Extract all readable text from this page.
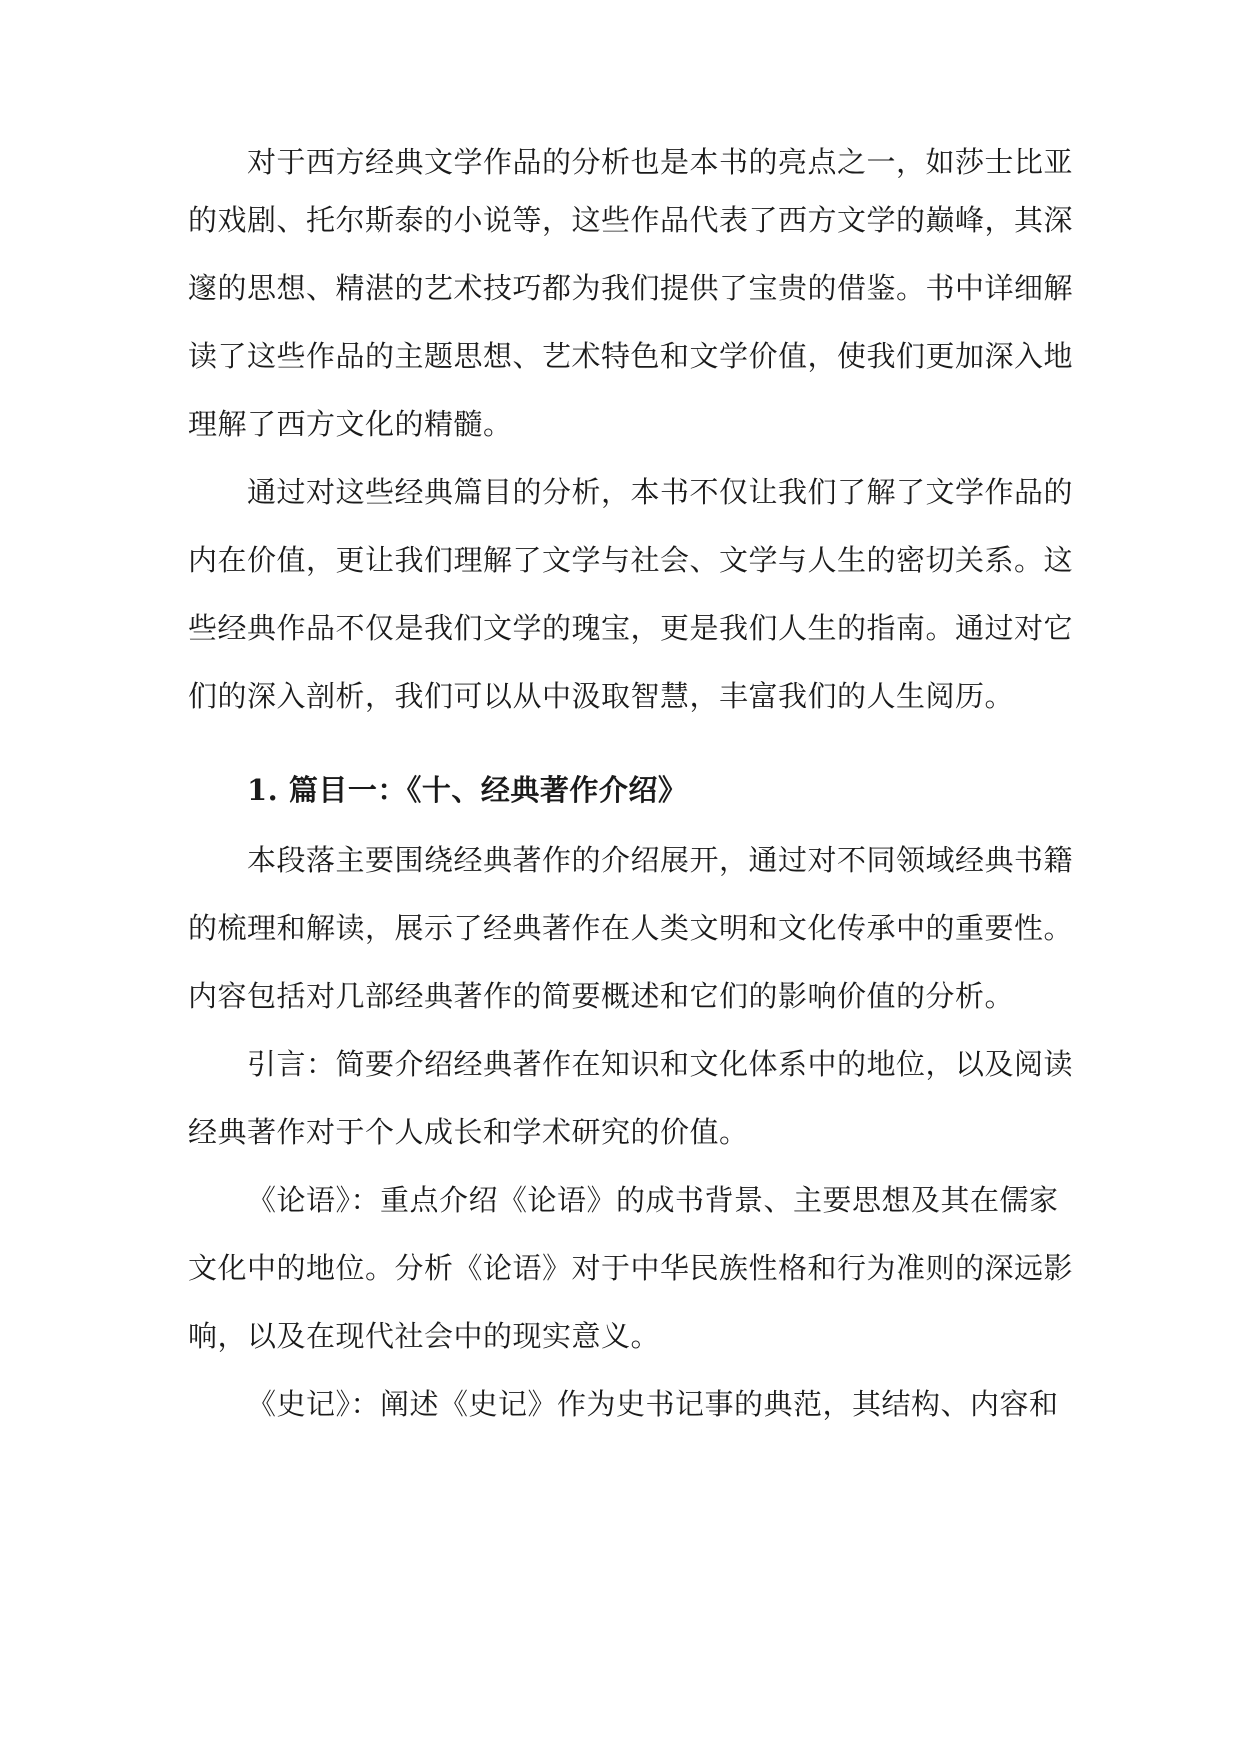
对于西方经典文学作品的分析也是本书的亮点之一，如莎士比亚
的戏剧、托尔斯泰的小说等，这些作品代表了西方文学的巅峰，其深
邃的思想、精湛的艺术技巧都为我们提供了宝贵的借鉴。书中详细解
读了这些作品的主题思想、艺术特色和文学价值，使我们更加深入地
理解了西方文化的精髓。
通过对这些经典篇目的分析，本书不仅让我们了解了文学作品的
内在价值，更让我们理解了文学与社会、文学与人生的密切关系。这
些经典作品不仅是我们文学的瑰宝，更是我们人生的指南。通过对它
们的深入剖析，我们可以从中汲取智慧，丰富我们的人生阅历。
1. 篇目一：《十、经典著作介绍》
本段落主要围绕经典著作的介绍展开，通过对不同领域经典书籍
的梳理和解读，展示了经典著作在人类文明和文化传承中的重要性。
内容包括对几部经典著作的简要概述和它们的影响价值的分析。
引言：简要介绍经典著作在知识和文化体系中的地位，以及阅读
经典著作对于个人成长和学术研究的价值。
《论语》：重点介绍《论语》的成书背景、主要思想及其在儒家
文化中的地位。分析《论语》对于中华民族性格和行为准则的深远影
响，以及在现代社会中的现实意义。
《史记》：阐述《史记》作为史书记事的典范，其结构、内容和
